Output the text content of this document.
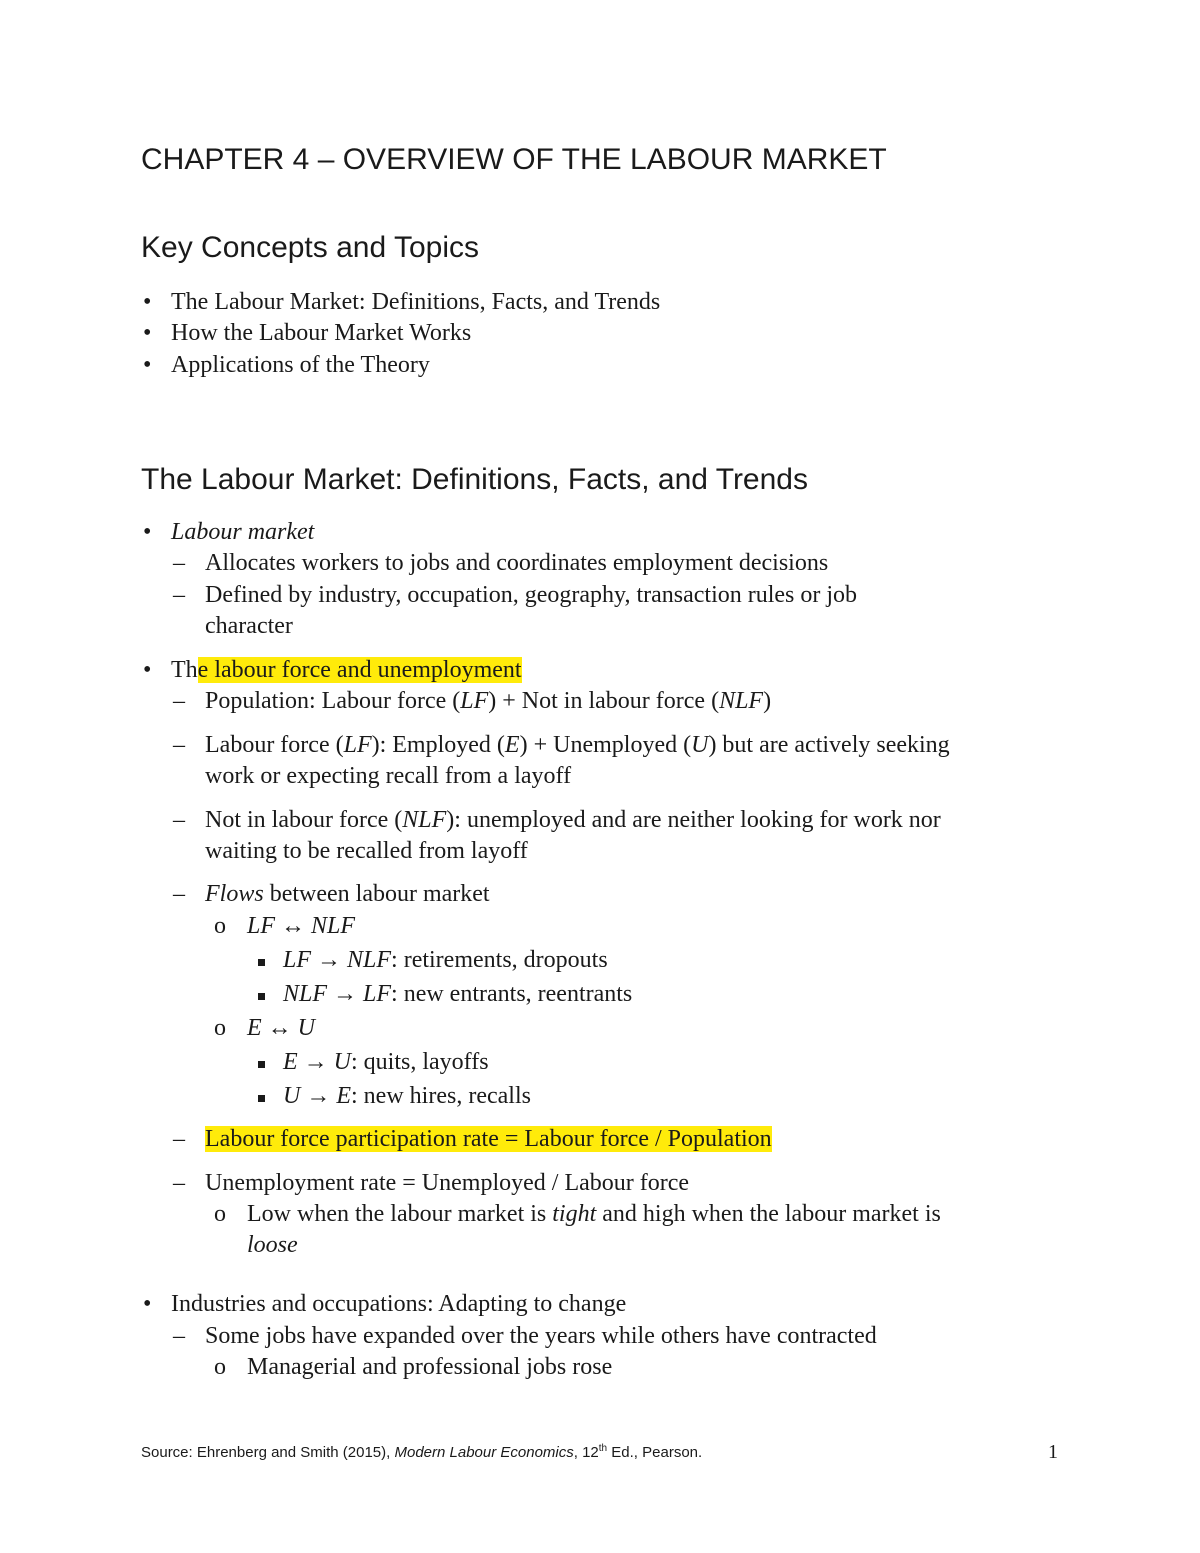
CHAPTER 4 – OVERVIEW OF THE LABOUR MARKET
Key Concepts and Topics
• The Labour Market: Definitions, Facts, and Trends
• How the Labour Market Works
• Applications of the Theory
The Labour Market: Definitions, Facts, and Trends
• Labour market
– Allocates workers to jobs and coordinates employment decisions
– Defined by industry, occupation, geography, transaction rules or job
character
• The labour force and unemployment
– Population: Labour force (LF) + Not in labour force (NLF)
– Labour force (LF): Employed (E) + Unemployed (U) but are actively seeking
work or expecting recall from a layoff
– Not in labour force (NLF): unemployed and are neither looking for work nor
waiting to be recalled from layoff
– Flows between labour market
o LF ↔ NLF
LF → NLF: retirements, dropouts
NLF → LF: new entrants, reentrants
o E ↔ U
E → U: quits, layoffs
U → E: new hires, recalls
– Labour force participation rate = Labour force / Population
– Unemployment rate = Unemployed / Labour force
o Low when the labour market is tight and high when the labour market is
loose
• Industries and occupations: Adapting to change
– Some jobs have expanded over the years while others have contracted
o Managerial and professional jobs rose
Source: Ehrenberg and Smith (2015), Modern Labour Economics, 12th Ed., Pearson.	1
